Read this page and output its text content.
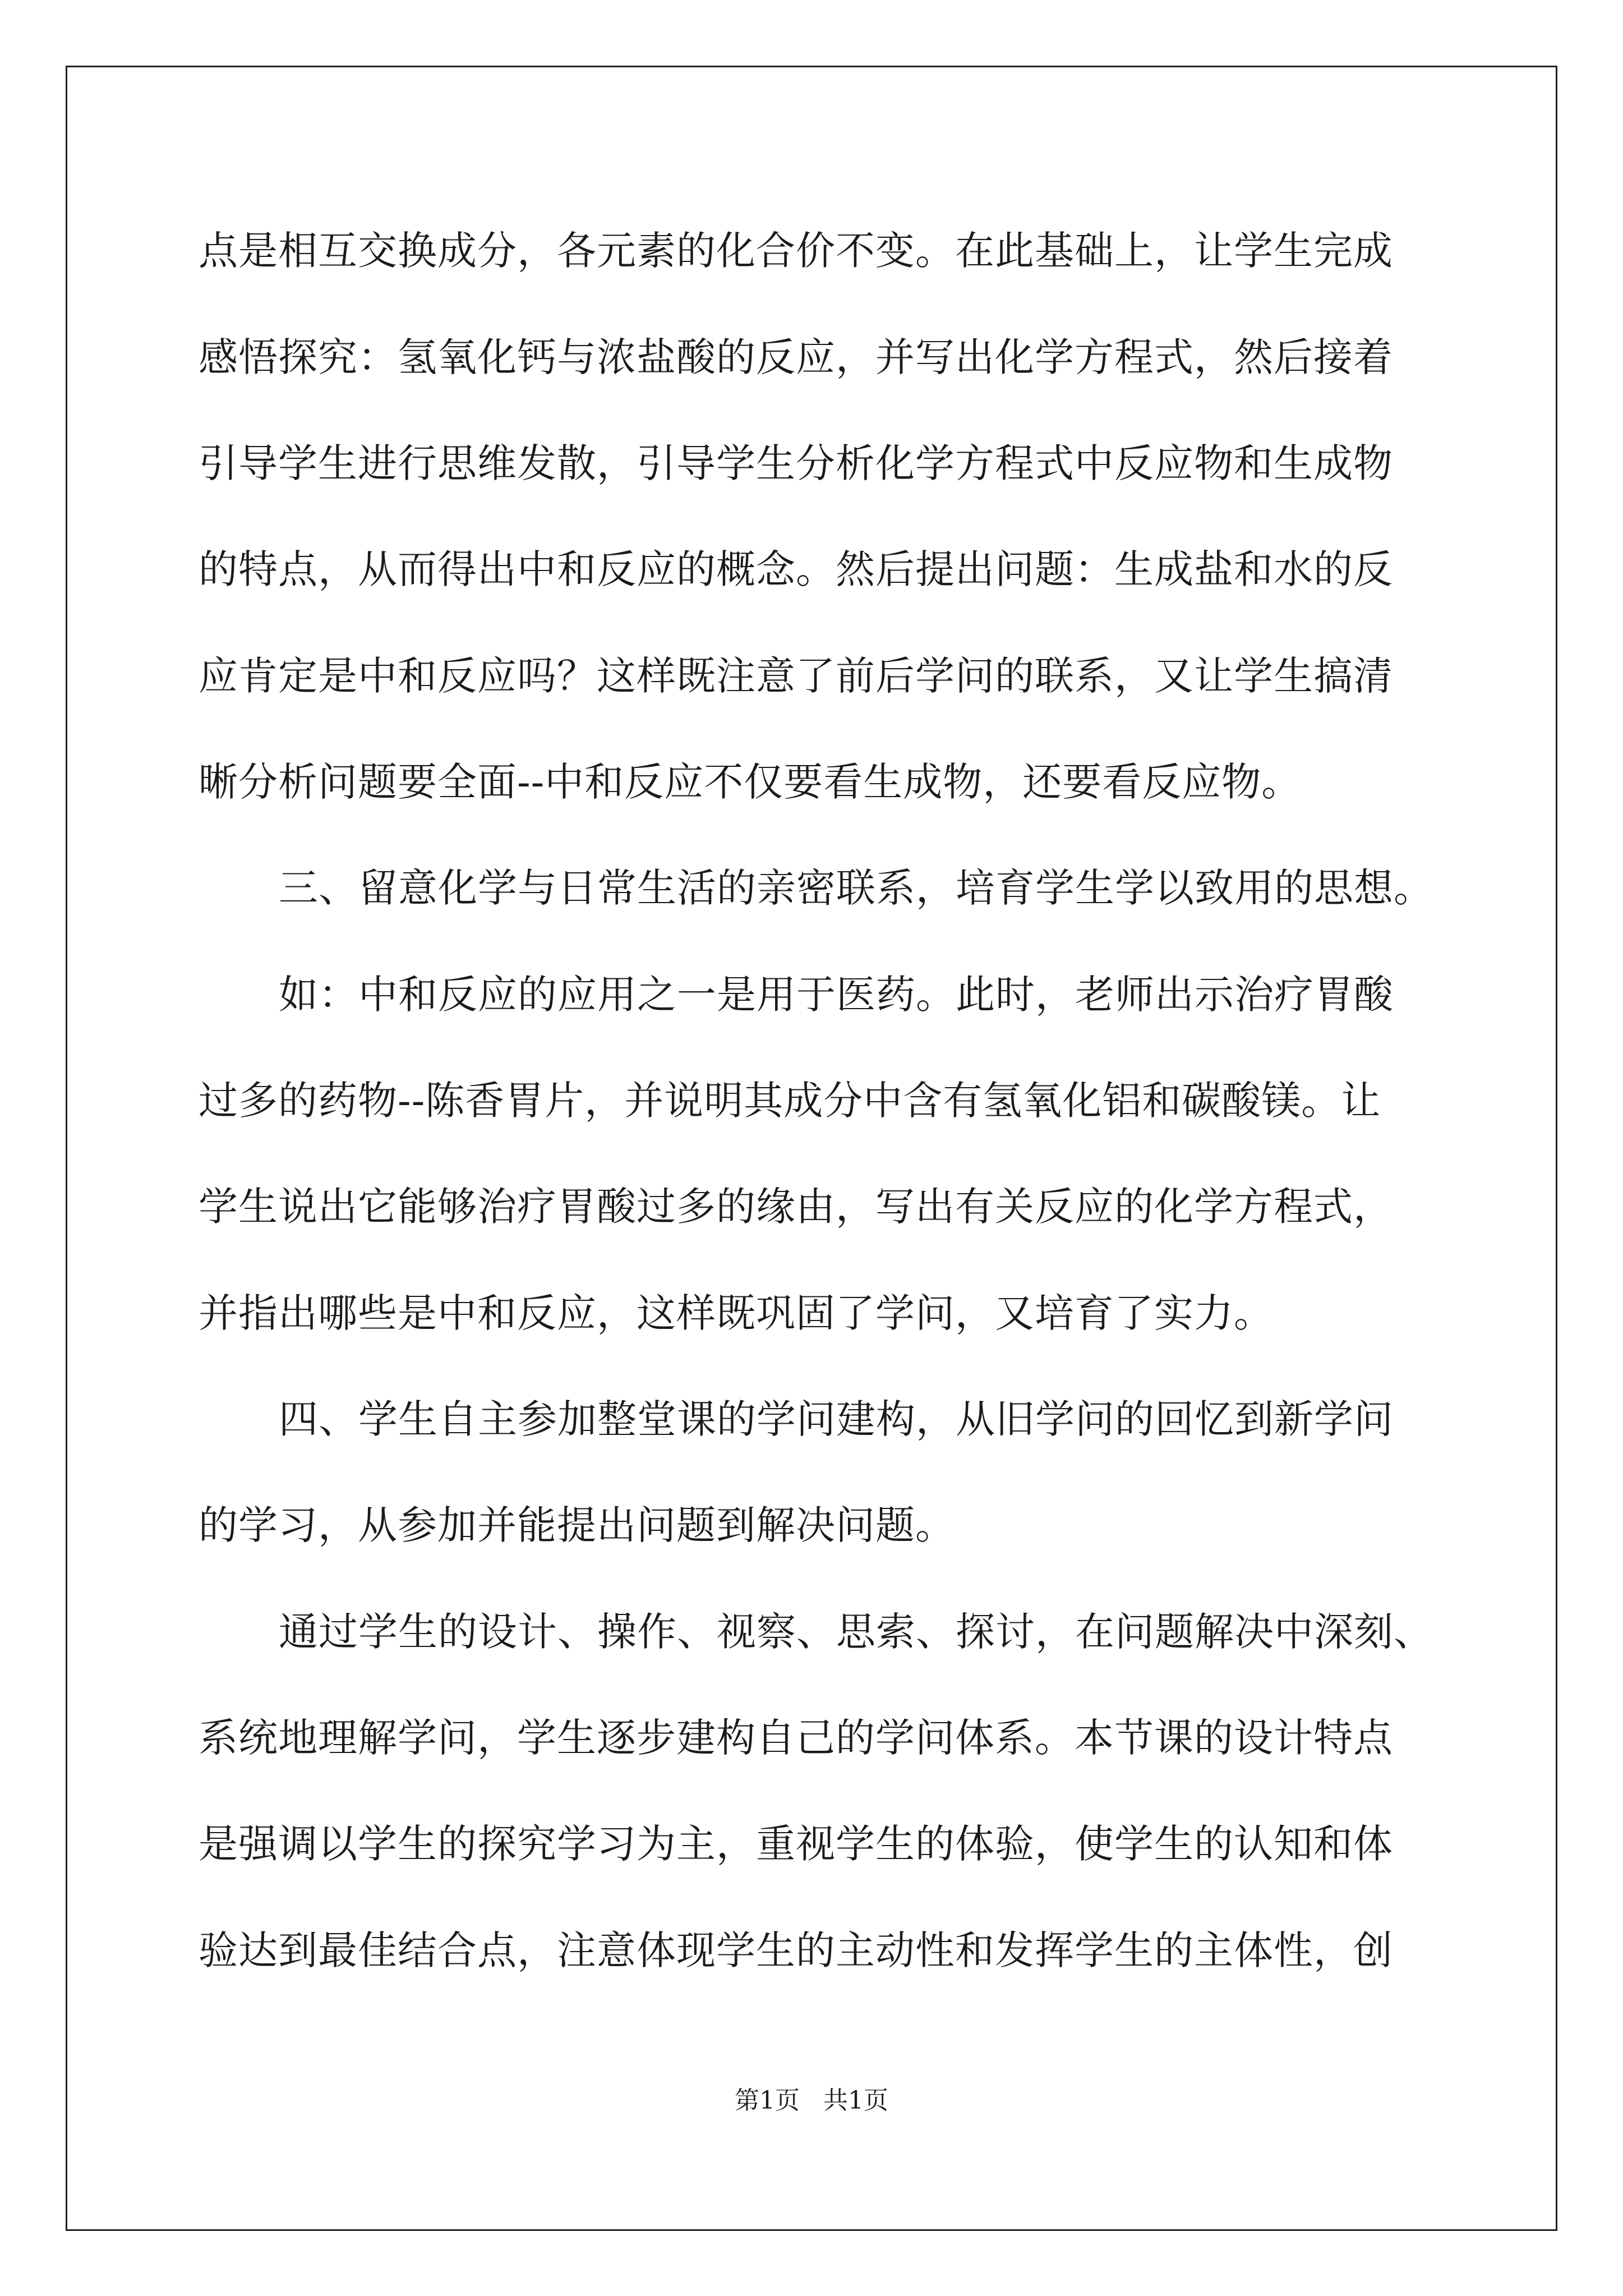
点是相互交换成分，各元素的化合价不变。在此基础上，让学生完成
感悟探究：氢氧化钙与浓盐酸的反应，并写出化学方程式，然后接着
引导学生进行思维发散，引导学生分析化学方程式中反应物和生成物
的特点，从而得出中和反应的概念。然后提出问题：生成盐和水的反
应肯定是中和反应吗？这样既注意了前后学问的联系，又让学生搞清
晰分析问题要全面--中和反应不仅要看生成物，还要看反应物。
三、留意化学与日常生活的亲密联系，培育学生学以致用的思想。
如：中和反应的应用之一是用于医药。此时，老师出示治疗胃酸
过多的药物--陈香胃片，并说明其成分中含有氢氧化铝和碳酸镁。让
学生说出它能够治疗胃酸过多的缘由，写出有关反应的化学方程式，
并指出哪些是中和反应，这样既巩固了学问，又培育了实力。
四、学生自主参加整堂课的学问建构，从旧学问的回忆到新学问
的学习，从参加并能提出问题到解决问题。
通过学生的设计、操作、视察、思索、探讨，在问题解决中深刻、
系统地理解学问，学生逐步建构自己的学问体系。本节课的设计特点
是强调以学生的探究学习为主，重视学生的体验，使学生的认知和体
验达到最佳结合点，注意体现学生的主动性和发挥学生的主体性，创
第1页   共1页
